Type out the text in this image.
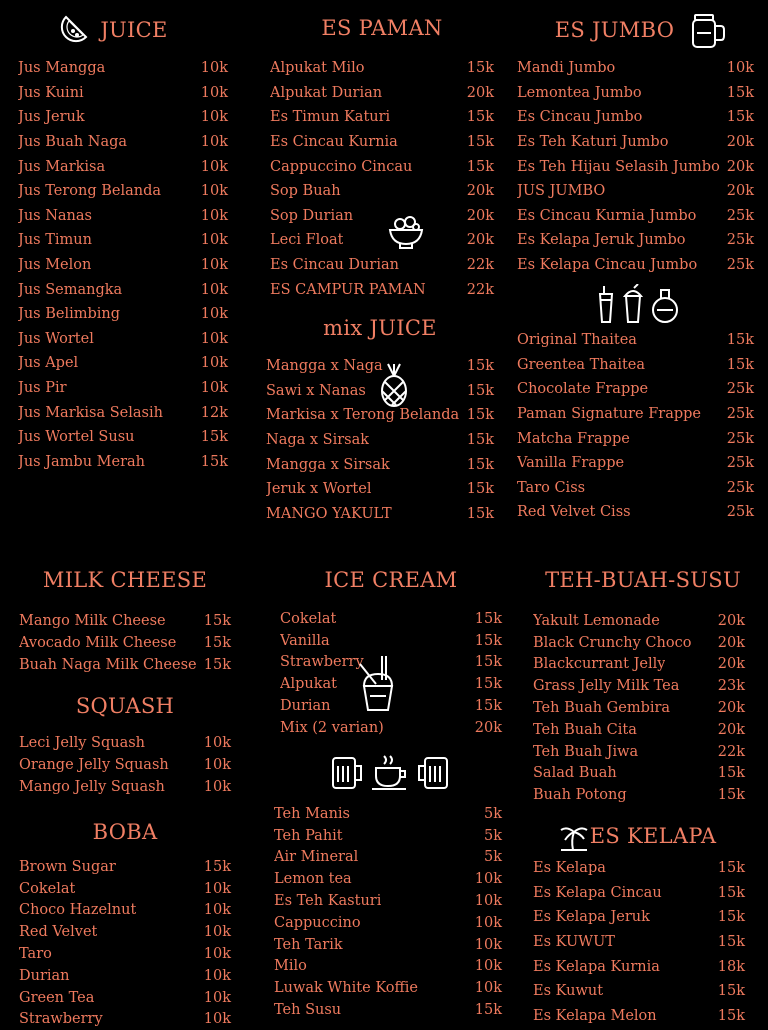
JUICE
Jus Mangga	10k
Jus Kuini	10k
Jus Jeruk	10k
Jus Buah Naga	10k
Jus Markisa	10k
Jus Terong Belanda	10k
Jus Nanas	10k
Jus Timun	10k
Jus Melon	10k
Jus Semangka	10k
Jus Belimbing	10k
Jus Wortel	10k
Jus Apel	10k
Jus Pir	10k
Jus Markisa Selasih	12k
Jus Wortel Susu	15k
Jus Jambu Merah	15k
ES PAMAN
Alpukat Milo	15k
Alpukat Durian	20k
Es Timun Katuri	15k
Es Cincau Kurnia	15k
Cappuccino Cincau	15k
Sop Buah	20k
Sop Durian	20k
Leci Float	20k
Es Cincau Durian	22k
ES CAMPUR PAMAN	22k
ES JUMBO
Mandi Jumbo	10k
Lemontea Jumbo	15k
Es Cincau Jumbo	15k
Es Teh Katuri Jumbo	20k
Es Teh Hijau Selasih Jumbo 20k
JUS JUMBO	20k
Es Cincau Kurnia Jumbo 25k
Es Kelapa Jeruk Jumbo	25k
Es Kelapa Cincau Jumbo 25k
mix JUICE
Mangga x Naga	15k
Sawi x Nanas	15k
Markisa x Terong Belanda 15k
Naga x Sirsak	15k
Mangga x Sirsak	15k
Jeruk x Wortel	15k
MANGO YAKULT	15k
Original Thaitea	15k
Greentea Thaitea	15k
Chocolate Frappe	25k
Paman Signature Frappe 25k
Matcha Frappe	25k
Vanilla Frappe	25k
Taro Ciss	25k
Red Velvet Ciss	25k
MILK CHEESE
Mango Milk Cheese	15k
Avocado Milk Cheese 15k
Buah Naga Milk Cheese 15k
SQUASH
Leci Jelly Squash	10k
Orange Jelly Squash 10k
Mango Jelly Squash	10k
BOBA
Brown Sugar	15k
Cokelat	10k
Choco Hazelnut	10k
Red Velvet	10k
Taro	10k
Durian	10k
Green Tea	10k
Strawberry	10k
ICE CREAM
Cokelat	15k
Vanilla	15k
Strawberry	15k
Alpukat	15k
Durian	15k
Mix (2 varian)	20k
Teh Manis	5k
Teh Pahit	5k
Air Mineral	5k
Lemon tea	10k
Es Teh Kasturi	10k
Cappuccino	10k
Teh Tarik	10k
Milo	10k
Luwak White Koffie	10k
Teh Susu	15k
TEH-BUAH-SUSU
Yakult Lemonade	20k
Black Crunchy Choco 20k
Blackcurrant Jelly	20k
Grass Jelly Milk Tea	23k
Teh Buah Gembira	20k
Teh Buah Cita	20k
Teh Buah Jiwa	22k
Salad Buah	15k
Buah Potong	15k
ES KELAPA
Es Kelapa	15k
Es Kelapa Cincau	15k
Es Kelapa Jeruk	15k
Es KUWUT	15k
Es Kelapa Kurnia	18k
Es Kuwut	15k
Es Kelapa Melon	15k
